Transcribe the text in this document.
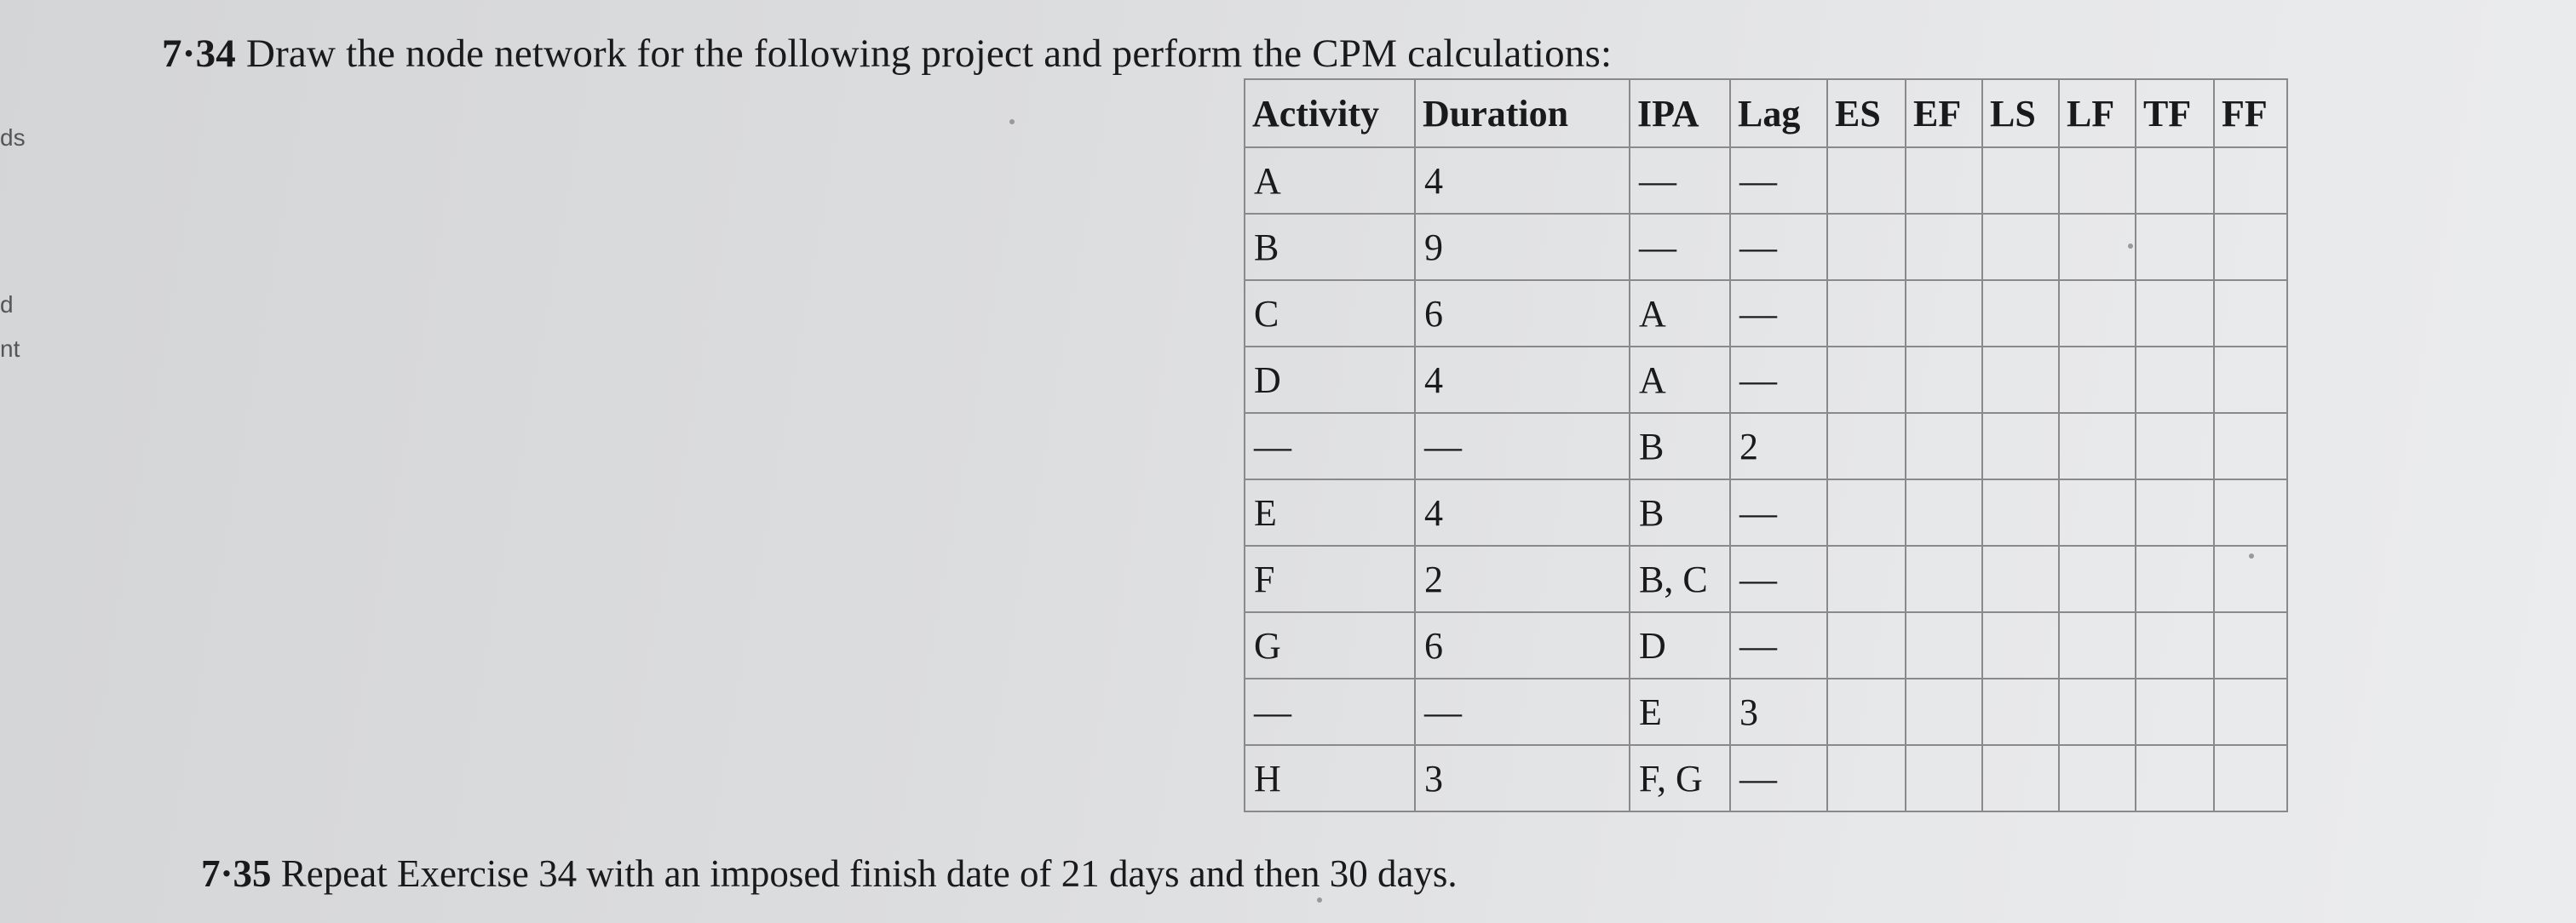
ds
d
nt
7·34 Draw the node network for the following project and perform the CPM calculations:
Activity	Duration	IPA	Lag	ES	EF	LS	LF	TF	FF
A	4	—	—						
B	9	—	—						
C	6	A	—						
D	4	A	—						
—	—	B	2						
E	4	B	—						
F	2	B, C	—						
G	6	D	—						
—	—	E	3						
H	3	F, G	—						
7·35 Repeat Exercise 34 with an imposed finish date of 21 days and then 30 days.
